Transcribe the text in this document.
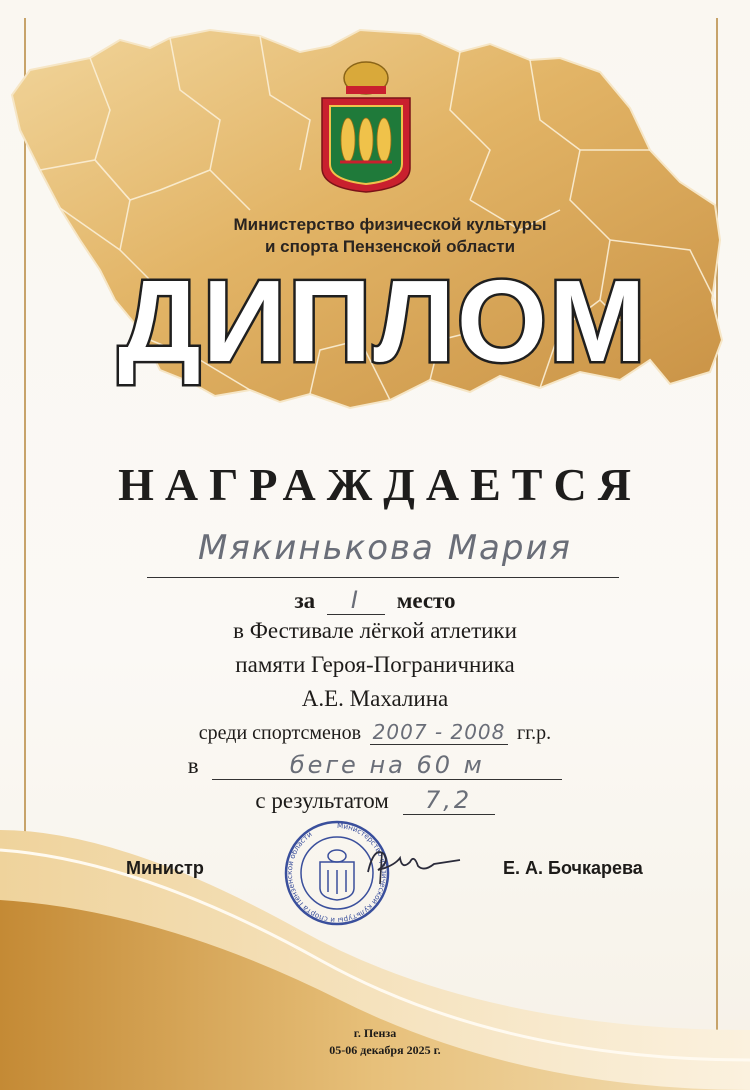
Министерство физической культуры
и спорта Пензенской области
ДИПЛОМ
НАГРАЖДАЕТСЯ
Мякинькова Мария
за I место
в Фестивале лёгкой атлетики
памяти Героя-Пограничника
А.Е. Махалина
среди спортсменов 2007 - 2008 гг.р.
в	беге на 60 м
с результатом 7,2
Министр
Министерство физической культуры и спорта Пензенской области
Е. А. Бочкарева
г. Пенза
05-06 декабря 2025 г.
